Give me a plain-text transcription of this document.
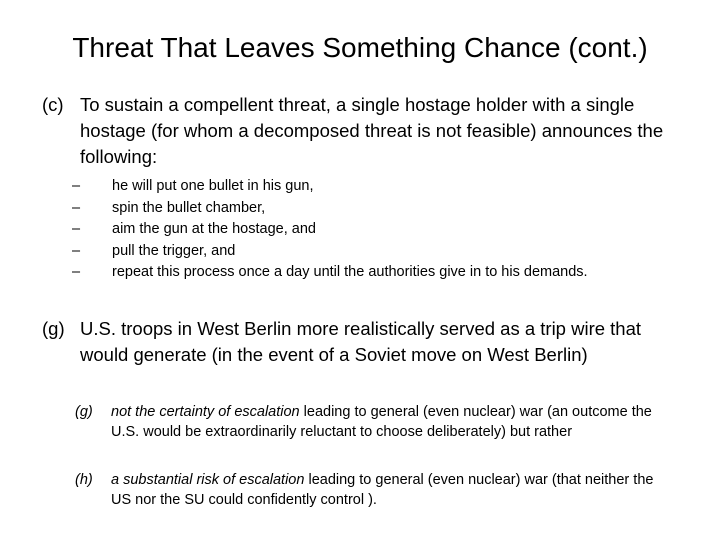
Threat That Leaves Something Chance (cont.)
(c) To sustain a compellent threat, a single hostage holder with a single hostage (for whom a decomposed threat is not feasible) announces the following:
– he will put one bullet in his gun,
– spin the bullet chamber,
– aim the gun at the hostage, and
– pull the trigger, and
– repeat this process once a day until the authorities give in to his demands.
(g) U.S. troops in West Berlin more realistically served as a trip wire that would generate (in the event of a Soviet move on West Berlin)
(g) not the certainty of escalation leading to general (even nuclear) war (an outcome the U.S. would be extraordinarily reluctant to choose deliberately) but rather
(h) a substantial risk of escalation leading to general (even nuclear) war (that neither the US nor the SU could confidently control ).
